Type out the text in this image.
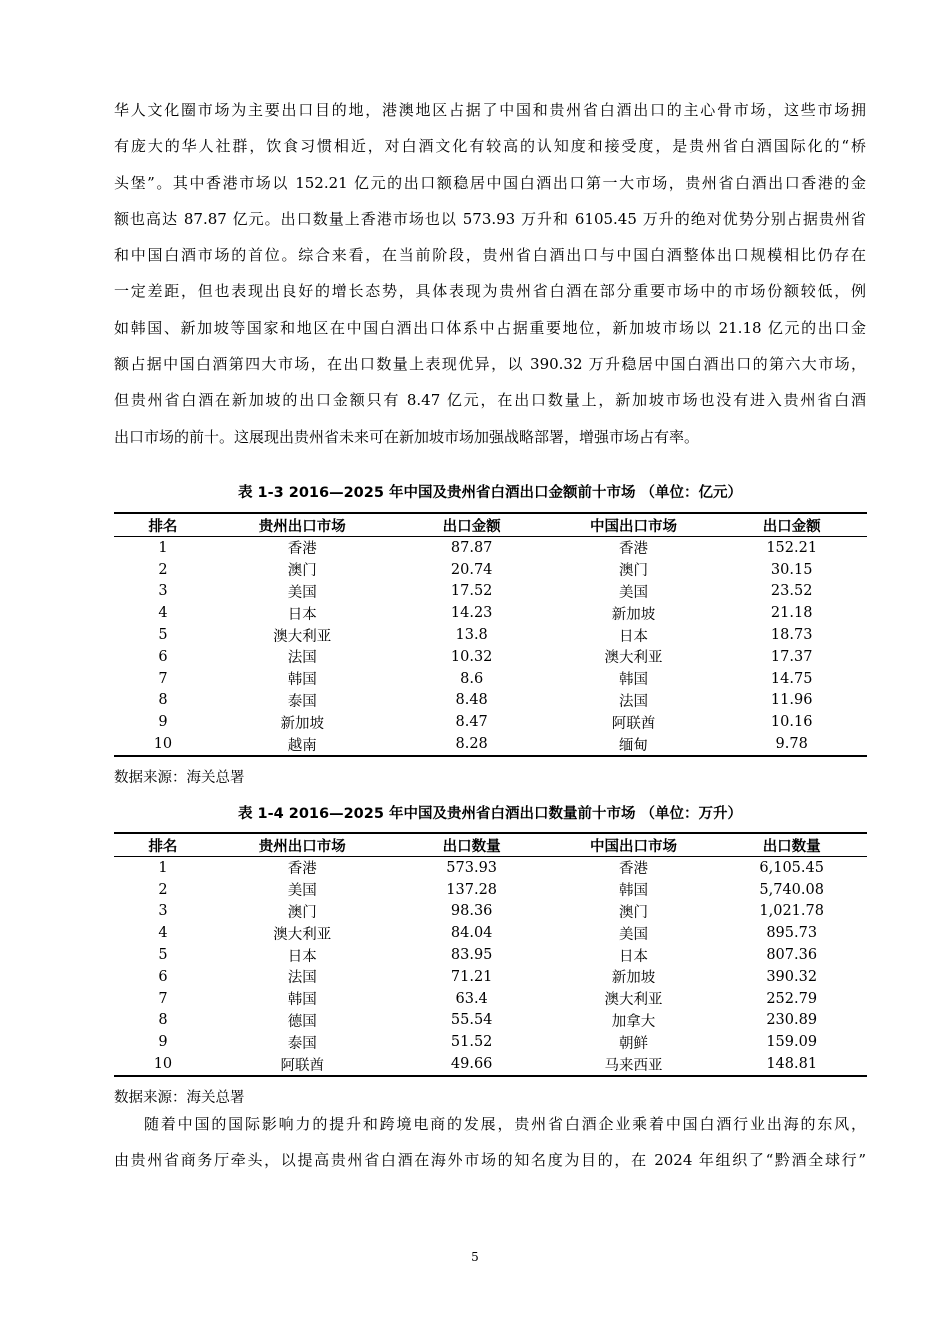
华人文化圈市场为主要出口目的地，港澳地区占据了中国和贵州省白酒出口的主心骨市场，这些市场拥
有庞大的华人社群，饮食习惯相近，对白酒文化有较高的认知度和接受度，是贵州省白酒国际化的“桥
头堡”。其中香港市场以 152.21 亿元的出口额稳居中国白酒出口第一大市场，贵州省白酒出口香港的金
额也高达 87.87 亿元。出口数量上香港市场也以 573.93 万升和 6105.45 万升的绝对优势分别占据贵州省
和中国白酒市场的首位。综合来看，在当前阶段，贵州省白酒出口与中国白酒整体出口规模相比仍存在
一定差距，但也表现出良好的增长态势，具体表现为贵州省白酒在部分重要市场中的市场份额较低，例
如韩国、新加坡等国家和地区在中国白酒出口体系中占据重要地位，新加坡市场以 21.18 亿元的出口金
额占据中国白酒第四大市场，在出口数量上表现优异，以 390.32 万升稳居中国白酒出口的第六大市场，
但贵州省白酒在新加坡的出口金额只有 8.47 亿元，在出口数量上，新加坡市场也没有进入贵州省白酒
出口市场的前十。这展现出贵州省未来可在新加坡市场加强战略部署，增强市场占有率。
表 1-3 2016—2025 年中国及贵州省白酒出口金额前十市场 （单位：亿元）
排名	贵州出口市场	出口金额	中国出口市场	出口金额
1	香港	87.87	香港	152.21
2	澳门	20.74	澳门	30.15
3	美国	17.52	美国	23.52
4	日本	14.23	新加坡	21.18
5	澳大利亚	13.8	日本	18.73
6	法国	10.32	澳大利亚	17.37
7	韩国	8.6	韩国	14.75
8	泰国	8.48	法国	11.96
9	新加坡	8.47	阿联酋	10.16
10	越南	8.28	缅甸	9.78
数据来源：海关总署
表 1-4 2016—2025 年中国及贵州省白酒出口数量前十市场 （单位：万升）
排名	贵州出口市场	出口数量	中国出口市场	出口数量
1	香港	573.93	香港	6,105.45
2	美国	137.28	韩国	5,740.08
3	澳门	98.36	澳门	1,021.78
4	澳大利亚	84.04	美国	895.73
5	日本	83.95	日本	807.36
6	法国	71.21	新加坡	390.32
7	韩国	63.4	澳大利亚	252.79
8	德国	55.54	加拿大	230.89
9	泰国	51.52	朝鲜	159.09
10	阿联酋	49.66	马来西亚	148.81
数据来源：海关总署
随着中国的国际影响力的提升和跨境电商的发展，贵州省白酒企业乘着中国白酒行业出海的东风，
由贵州省商务厅牵头，以提高贵州省白酒在海外市场的知名度为目的，在 2024 年组织了“黔酒全球行”
5
